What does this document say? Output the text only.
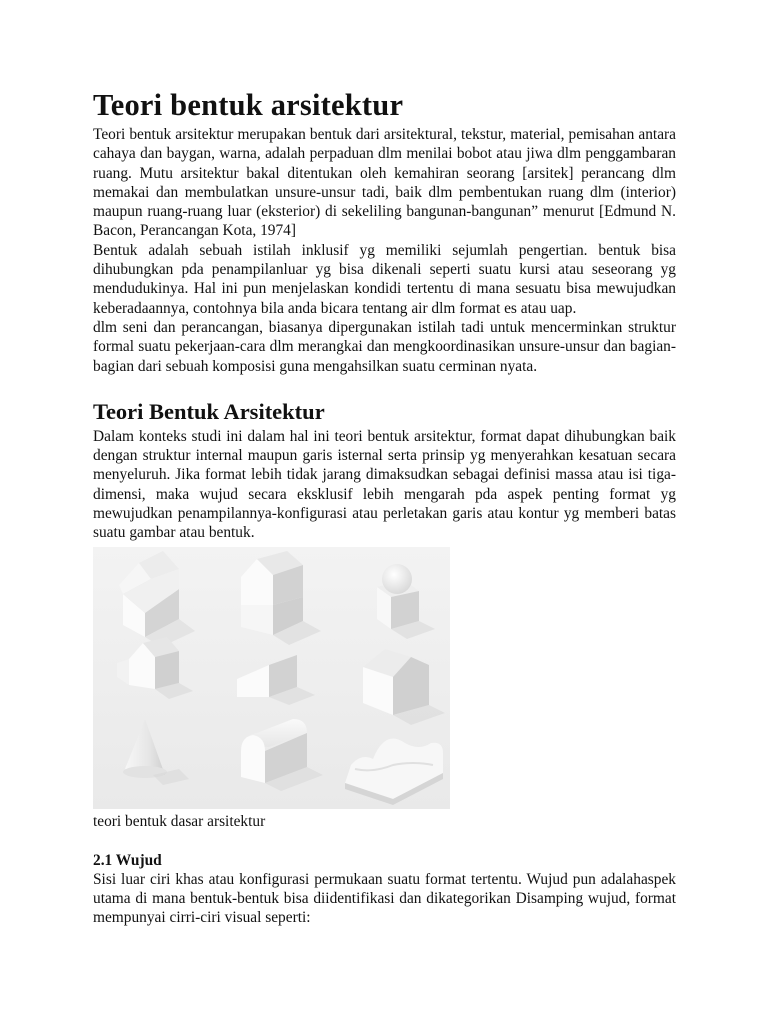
Teori bentuk arsitektur

Teori bentuk arsitektur merupakan bentuk dari arsitektural, tekstur, material, pemisahan antara cahaya dan baygan, warna, adalah perpaduan dlm menilai bobot atau jiwa dlm penggambaran ruang. Mutu arsitektur bakal ditentukan oleh kemahiran seorang [arsitek] perancang dlm memakai dan membulatkan unsure-unsur tadi, baik dlm pembentukan ruang dlm (interior) maupun ruang-ruang luar (eksterior) di sekeliling bangunan-bangunan” menurut [Edmund N. Bacon, Perancangan Kota, 1974]

Bentuk adalah sebuah istilah inklusif yg memiliki sejumlah pengertian. bentuk bisa dihubungkan pda penampilanluar yg bisa dikenali seperti suatu kursi atau seseorang yg mendudukinya. Hal ini pun menjelaskan kondidi tertentu di mana sesuatu bisa mewujudkan keberadaannya, contohnya bila anda bicara tentang air dlm format es atau uap.

dlm seni dan perancangan, biasanya dipergunakan istilah tadi untuk mencerminkan struktur formal suatu pekerjaan-cara dlm merangkai dan mengkoordinasikan unsure-unsur dan bagian-bagian dari sebuah komposisi guna mengahsilkan suatu cerminan nyata.

Teori Bentuk Arsitektur

Dalam konteks studi ini dalam hal ini teori bentuk arsitektur, format dapat dihubungkan baik dengan struktur internal maupun garis isternal serta prinsip yg menyerahkan kesatuan secara menyeluruh. Jika format lebih tidak jarang dimaksudkan sebagai definisi massa atau isi tiga-dimensi, maka wujud secara eksklusif lebih mengarah pda aspek penting format yg mewujudkan penampilannya-konfigurasi atau perletakan garis atau kontur yg memberi batas suatu gambar atau bentuk.

teori bentuk dasar arsitektur
2.1 Wujud

Sisi luar ciri khas atau konfigurasi permukaan suatu format tertentu. Wujud pun adalahaspek utama di mana bentuk-bentuk bisa diidentifikasi dan dikategorikan Disamping wujud, format mempunyai cirri-ciri visual seperti:
